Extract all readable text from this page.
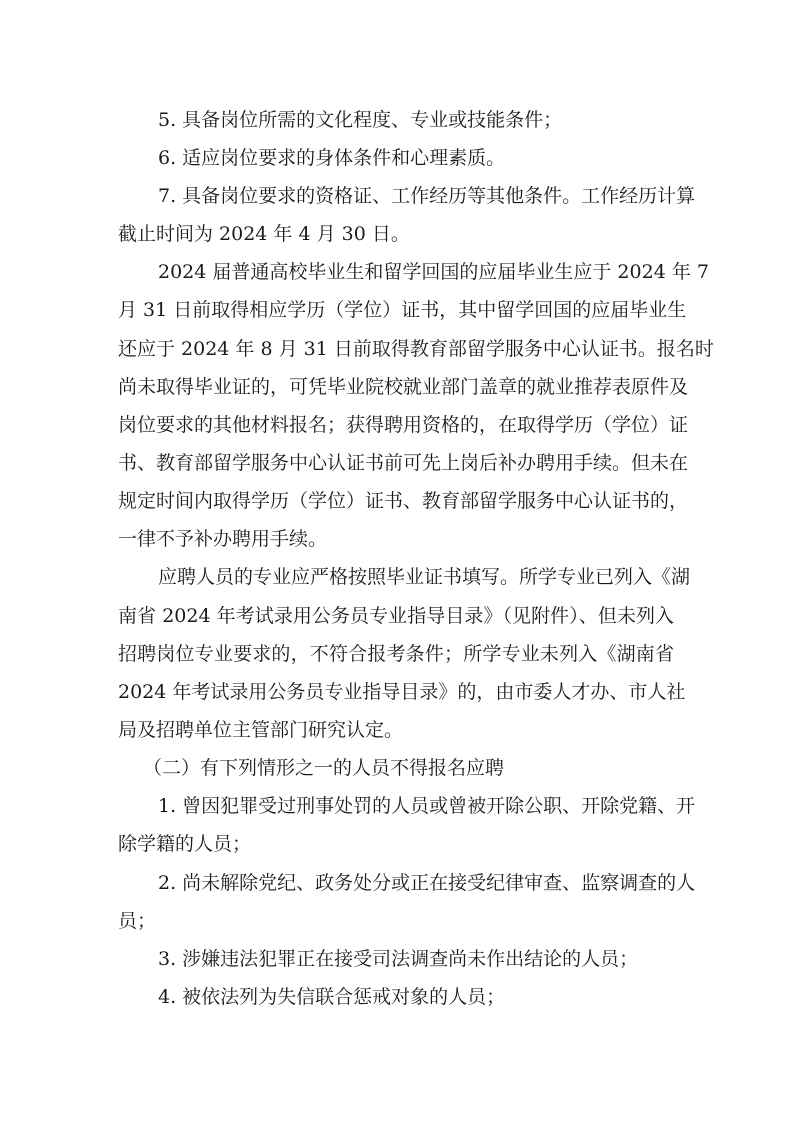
5. 具备岗位所需的文化程度、专业或技能条件；
6. 适应岗位要求的身体条件和心理素质。
7. 具备岗位要求的资格证、工作经历等其他条件。工作经历计算
截止时间为 2024 年 4 月 30 日。
2024 届普通高校毕业生和留学回国的应届毕业生应于 2024 年 7
月 31 日前取得相应学历（学位）证书，其中留学回国的应届毕业生
还应于 2024 年 8 月 31 日前取得教育部留学服务中心认证书。报名时
尚未取得毕业证的，可凭毕业院校就业部门盖章的就业推荐表原件及
岗位要求的其他材料报名；获得聘用资格的，在取得学历（学位）证
书、教育部留学服务中心认证书前可先上岗后补办聘用手续。但未在
规定时间内取得学历（学位）证书、教育部留学服务中心认证书的，
一律不予补办聘用手续。
应聘人员的专业应严格按照毕业证书填写。所学专业已列入《湖
南省 2024 年考试录用公务员专业指导目录》（见附件）、但未列入
招聘岗位专业要求的，不符合报考条件；所学专业未列入《湖南省
2024 年考试录用公务员专业指导目录》的，由市委人才办、市人社
局及招聘单位主管部门研究认定。
（二）有下列情形之一的人员不得报名应聘
1. 曾因犯罪受过刑事处罚的人员或曾被开除公职、开除党籍、开
除学籍的人员；
2. 尚未解除党纪、政务处分或正在接受纪律审查、监察调查的人
员；
3. 涉嫌违法犯罪正在接受司法调查尚未作出结论的人员；
4. 被依法列为失信联合惩戒对象的人员；
